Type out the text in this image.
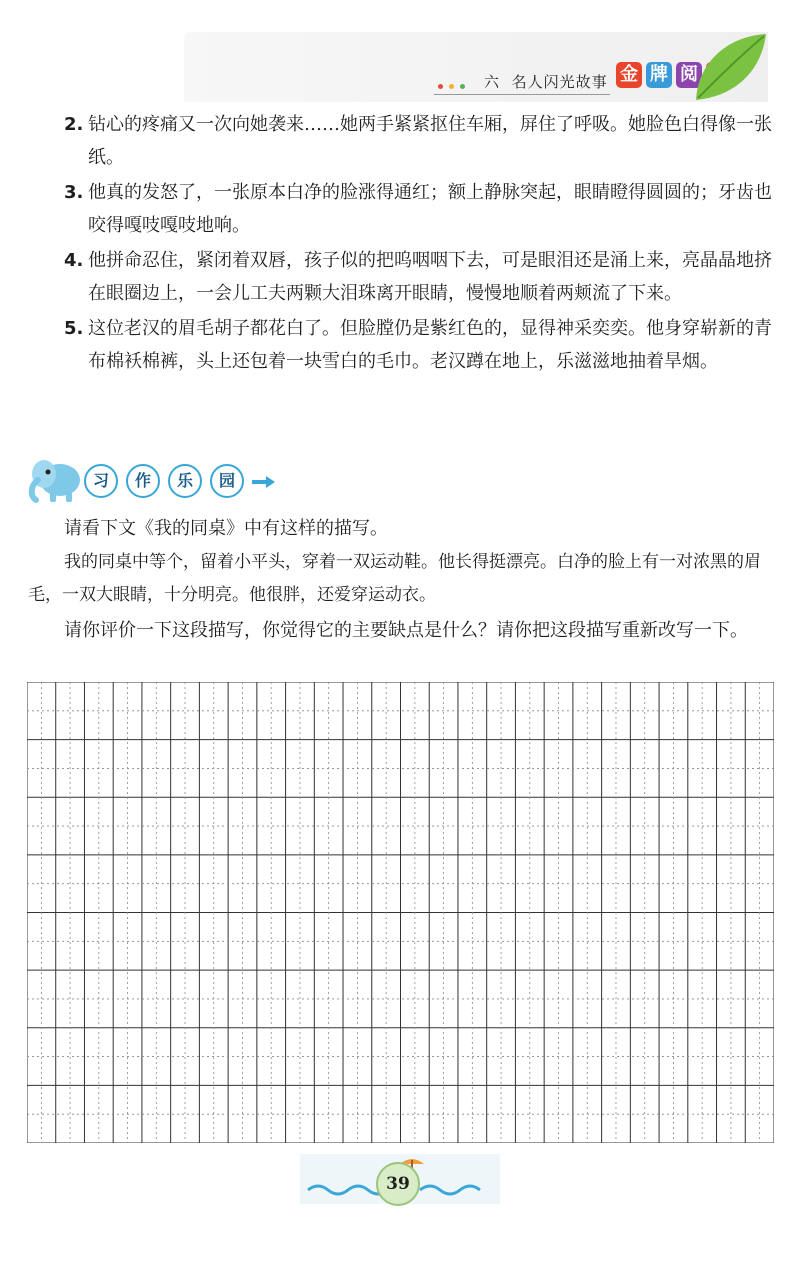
六 名人闪光故事 金 牌 阅
2. 钻心的疼痛又一次向她袭来……她两手紧紧抠住车厢，屏住了呼吸。她脸色白得像一张纸。
3. 他真的发怒了，一张原本白净的脸涨得通红；额上静脉突起，眼睛瞪得圆圆的；牙齿也咬得嘎吱嘎吱地响。
4. 他拼命忍住，紧闭着双唇，孩子似的把呜咽咽下去，可是眼泪还是涌上来，亮晶晶地挤在眼圈边上，一会儿工夫两颗大泪珠离开眼睛，慢慢地顺着两颊流了下来。
5. 这位老汉的眉毛胡子都花白了。但脸膛仍是紫红色的，显得神采奕奕。他身穿崭新的青布棉袄棉裤，头上还包着一块雪白的毛巾。老汉蹲在地上，乐滋滋地抽着旱烟。
习 作 乐 园
请看下文《我的同桌》中有这样的描写。
我的同桌中等个，留着小平头，穿着一双运动鞋。他长得挺漂亮。白净的脸上有一对浓黑的眉毛，一双大眼睛，十分明亮。他很胖，还爱穿运动衣。
请你评价一下这段描写，你觉得它的主要缺点是什么？请你把这段描写重新改写一下。
39
